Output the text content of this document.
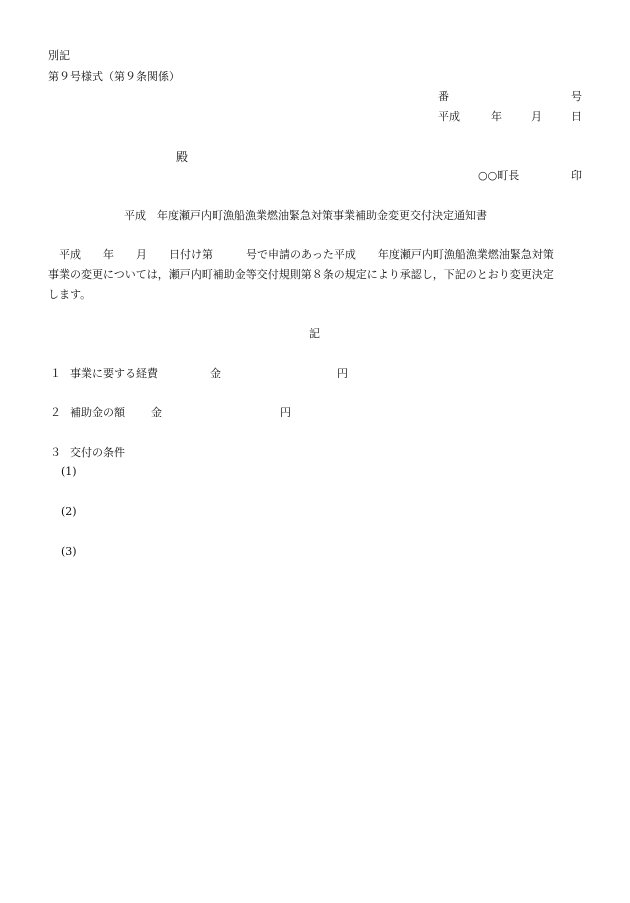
別記
第９号様式（第９条関係）
番	号
平成	年	月	日
殿
○○町長	印
平成　年度瀬戸内町漁船漁業燃油緊急対策事業補助金変更交付決定通知書
　平成　　年　　月　　日付け第　　　号で申請のあった平成　　年度瀬戸内町漁船漁業燃油緊急対策
事業の変更については，瀬戸内町補助金等交付規則第８条の規定により承認し，下記のとおり変更決定
します。
記
１ 事業に要する経費	金	円
２ 補助金の額 金	円
３ 交付の条件
(1)
(2)
(3)
